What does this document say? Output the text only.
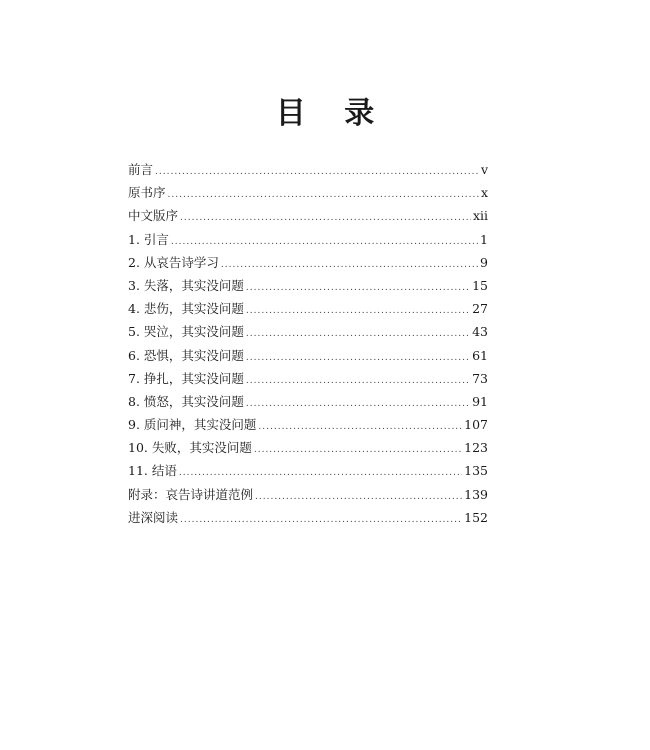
目 录
前言 .....	v
原书序 .....	x
中文版序 .....	xii
1. 引言 .....	1
2. 从哀告诗学习 .....	9
3. 失落，其实没问题 .....	15
4. 悲伤，其实没问题 .....	27
5. 哭泣，其实没问题 .....	43
6. 恐惧，其实没问题 .....	61
7. 挣扎，其实没问题 .....	73
8. 愤怒，其实没问题 .....	91
9. 质问神，其实没问题 .....	107
10. 失败，其实没问题 .....	123
11. 结语 .....	135
附录：哀告诗讲道范例 .....	139
进深阅读 .....	152
